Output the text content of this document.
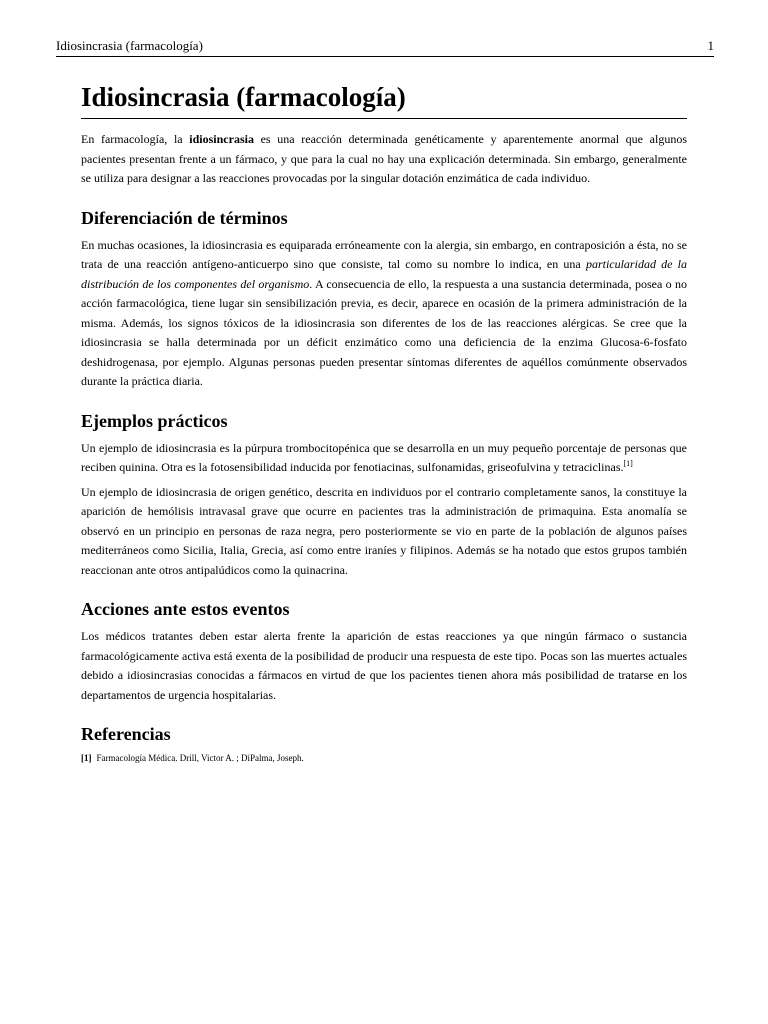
Idiosincrasia (farmacología)	1
Idiosincrasia (farmacología)

En farmacología, la idiosincrasia es una reacción determinada genéticamente y aparentemente anormal que algunos pacientes presentan frente a un fármaco, y que para la cual no hay una explicación determinada. Sin embargo, generalmente se utiliza para designar a las reacciones provocadas por la singular dotación enzimática de cada individuo.

Diferenciación de términos

En muchas ocasiones, la idiosincrasia es equiparada erróneamente con la alergia, sin embargo, en contraposición a ésta, no se trata de una reacción antígeno-anticuerpo sino que consiste, tal como su nombre lo indica, en una particularidad de la distribución de los componentes del organismo. A consecuencia de ello, la respuesta a una sustancia determinada, posea o no acción farmacológica, tiene lugar sin sensibilización previa, es decir, aparece en ocasión de la primera administración de la misma. Además, los signos tóxicos de la idiosincrasia son diferentes de los de las reacciones alérgicas. Se cree que la idiosincrasia se halla determinada por un déficit enzimático como una deficiencia de la enzima Glucosa-6-fosfato deshidrogenasa, por ejemplo. Algunas personas pueden presentar síntomas diferentes de aquéllos comúnmente observados durante la práctica diaria.

Ejemplos prácticos

Un ejemplo de idiosincrasia es la púrpura trombocitopénica que se desarrolla en un muy pequeño porcentaje de personas que reciben quinina. Otra es la fotosensibilidad inducida por fenotiacinas, sulfonamidas, griseofulvina y tetraciclinas.[1]

Un ejemplo de idiosincrasia de origen genético, descrita en individuos por el contrario completamente sanos, la constituye la aparición de hemólisis intravasal grave que ocurre en pacientes tras la administración de primaquina. Esta anomalía se observó en un principio en personas de raza negra, pero posteriormente se vio en parte de la población de algunos países mediterráneos como Sicilia, Italia, Grecia, así como entre iraníes y filipinos. Además se ha notado que estos grupos también reaccionan ante otros antipalúdicos como la quinacrina.

Acciones ante estos eventos

Los médicos tratantes deben estar alerta frente la aparición de estas reacciones ya que ningún fármaco o sustancia farmacológicamente activa está exenta de la posibilidad de producir una respuesta de este tipo. Pocas son las muertes actuales debido a idiosincrasias conocidas a fármacos en virtud de que los pacientes tienen ahora más posibilidad de tratarse en los departamentos de urgencia hospitalarias.

Referencias
[1] Farmacología Médica. Drill, Victor A. ; DiPalma, Joseph.
